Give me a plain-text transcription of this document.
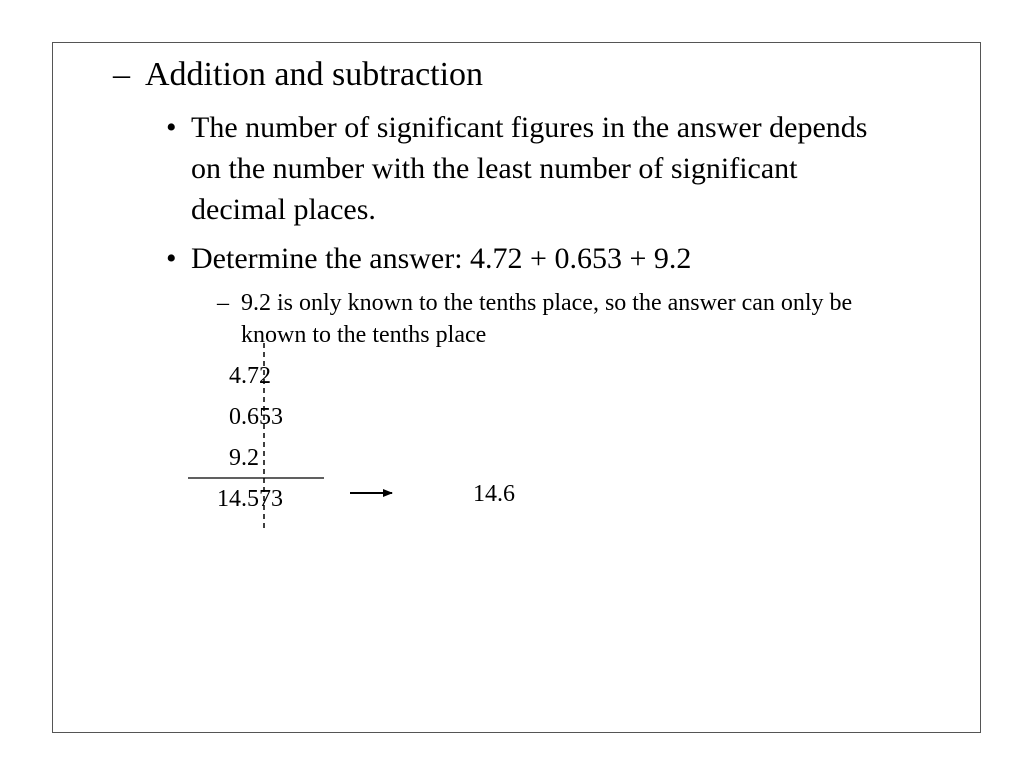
– Addition and subtraction
• The number of significant figures in the answer depends
on the number with the least number of significant
decimal places.
• Determine the answer: 4.72 + 0.653 + 9.2
– 9.2 is only known to the tenths place, so the answer can only be
known to the tenths place
4.72
0.653
9.2
14.573	14.6
